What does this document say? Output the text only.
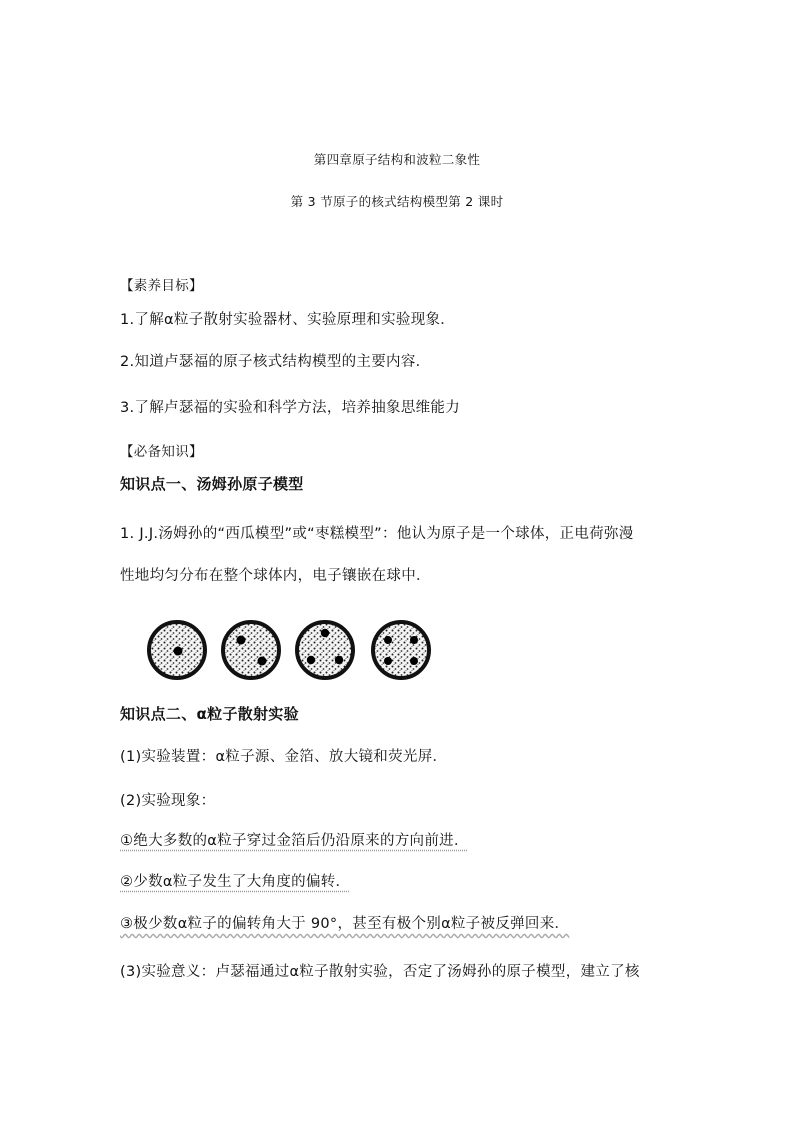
第四章原子结构和波粒二象性
第 3 节原子的核式结构模型第 2 课时
【素养目标】
1.了解α粒子散射实验器材、实验原理和实验现象．
2.知道卢瑟福的原子核式结构模型的主要内容．
3.了解卢瑟福的实验和科学方法，培养抽象思维能力
【必备知识】
知识点一、汤姆孙原子模型
1. J.J.汤姆孙的“西瓜模型”或“枣糕模型”：他认为原子是一个球体，正电荷弥漫
性地均匀分布在整个球体内，电子镶嵌在球中．
知识点二、α粒子散射实验
(1)实验装置：α粒子源、金箔、放大镜和荧光屏．
(2)实验现象：
①绝大多数的α粒子穿过金箔后仍沿原来的方向前进．
②少数α粒子发生了大角度的偏转．
③极少数α粒子的偏转角大于 90°，甚至有极个别α粒子被反弹回来．
(3)实验意义：卢瑟福通过α粒子散射实验，否定了汤姆孙的原子模型，建立了核
